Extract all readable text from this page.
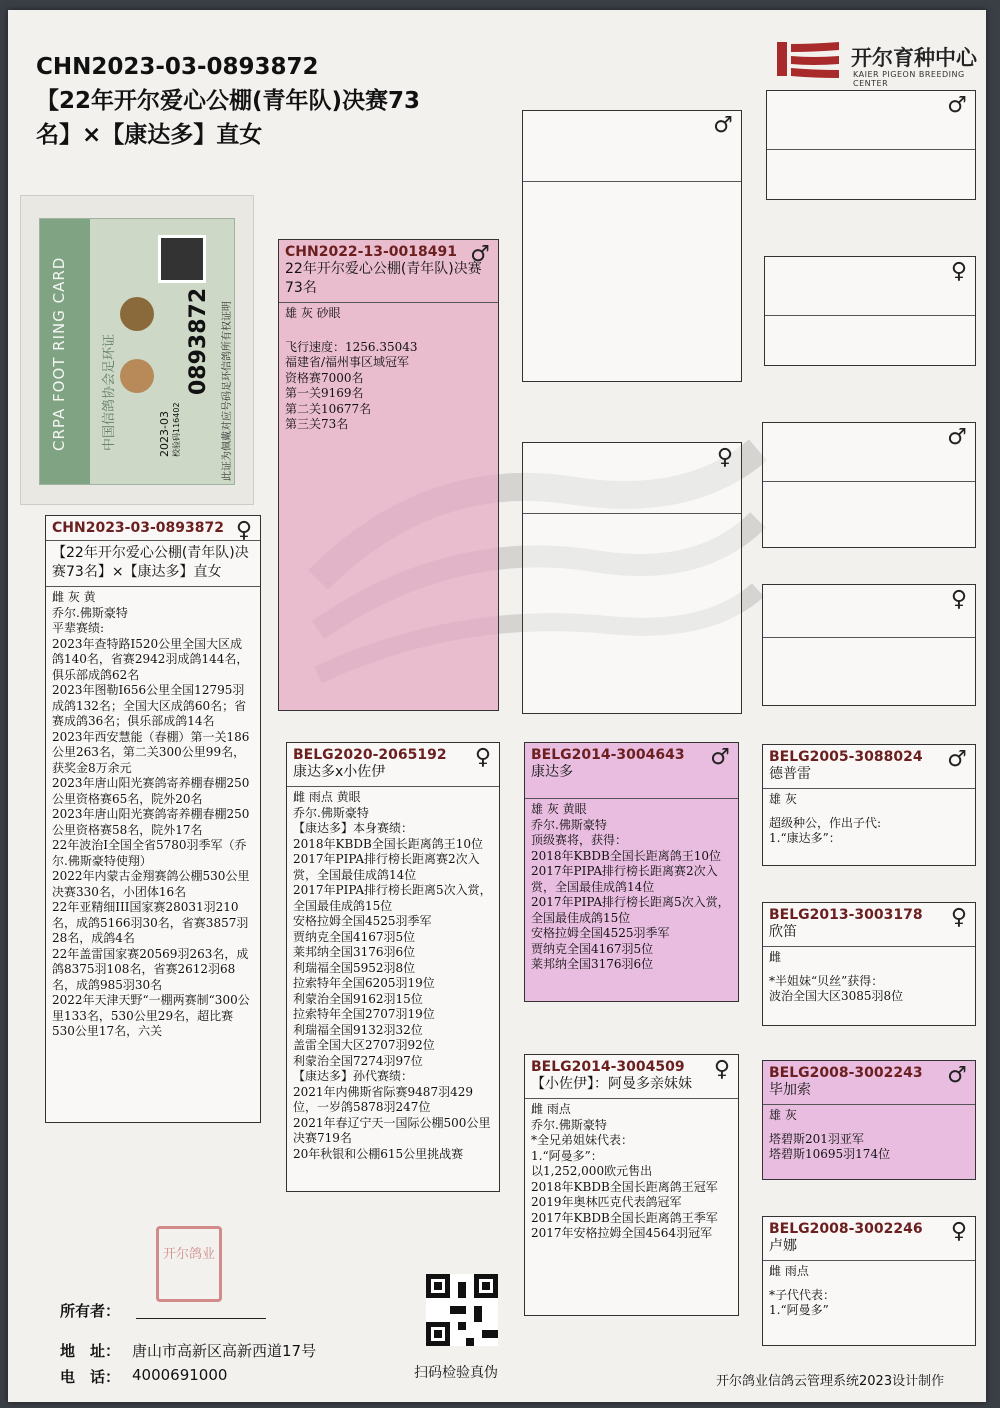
CHN2023-03-0893872
【22年开尔爱心公棚(青年队)决赛73
名】×【康达多】直女
开尔育种中心
KAIER PIGEON BREEDING CENTER
CRPA FOOT RING CARD	中国信鸽协会足环证	0893872
2023-03 校验码116402	此证为佩戴对应号码足环信鸽所有权证明
CHN2023-03-0893872 ♀
【22年开尔爱心公棚(青年队)决赛73名】×【康达多】直女
雌 灰 黄
乔尔.佛斯豪特
平辈赛绩:
2023年查特路I520公里全国大区成鸽140名，省赛2942羽成鸽144名，俱乐部成鸽62名
2023年图勒I656公里全国12795羽成鸽132名；全国大区成鸽60名；省赛成鸽36名；俱乐部成鸽14名
2023年西安慧能（春棚）第一关186公里263名，第二关300公里99名，获奖金8万余元
2023年唐山阳光赛鸽寄养棚春棚250公里资格赛65名，院外20名
2023年唐山阳光赛鸽寄养棚春棚250公里资格赛58名，院外17名
22年波治I全国全省5780羽季军（乔尔.佛斯豪特使翔）
2022年内蒙古金翔赛鸽公棚530公里决赛330名，小团体16名
22年亚精细III国家赛28031羽210名，成鸽5166羽30名，省赛3857羽28名，成鸽4名
22年盖雷国家赛20569羽263名，成鸽8375羽108名，省赛2612羽68名，成鸽985羽30名
2022年天津天野“一棚两赛制“300公里133名，530公里29名，超比赛530公里17名，六关
CHN2022-13-0018491 ♂
22年开尔爱心公棚(青年队)决赛73名
雄 灰 砂眼
飞行速度：1256.35043
福建省/福州事区域冠军
资格赛7000名
第一关9169名
第二关10677名
第三关73名
BELG2020-2065192	♀
康达多x小佐伊
雌 雨点 黄眼
乔尔.佛斯豪特
【康达多】本身赛绩：
2018年KBDB全国长距离鸽王10位
2017年PIPA排行榜长距离赛2次入赏，全国最佳成鸽14位
2017年PIPA排行榜长距离5次入赏，全国最佳成鸽15位
安格拉姆全国4525羽季军
贾纳克全国4167羽5位
莱邦纳全国3176羽6位
利瑞福全国5952羽8位
拉索特年全国6205羽19位
利蒙治全国9162羽15位
拉索特年全国2707羽19位
利瑞福全国9132羽32位
盖雷全国大区2707羽92位
利蒙治全国7274羽97位
【康达多】孙代赛绩：
2021年内佛斯省际赛9487羽429位，一岁鸽5878羽247位
2021年春辽宁天一国际公棚500公里决赛719名
20年秋银和公棚615公里挑战赛
♂
♀
BELG2014-3004643	♂
康达多
雄 灰 黄眼
乔尔.佛斯豪特
顶级赛将，获得：
2018年KBDB全国长距离鸽王10位
2017年PIPA排行榜长距离赛2次入赏，全国最佳成鸽14位
2017年PIPA排行榜长距离5次入赏，全国最佳成鸽15位
安格拉姆全国4525羽季军
贾纳克全国4167羽5位
莱邦纳全国3176羽6位
BELG2014-3004509	♀
【小佐伊】：阿曼多亲妹妹
雌 雨点
乔尔.佛斯豪特
*全兄弟姐妹代表：
1.“阿曼多”：
以1,252,000欧元售出
2018年KBDB全国长距离鸽王冠军
2019年奥林匹克代表鸽冠军
2017年KBDB全国长距离鸽王季军
2017年安格拉姆全国4564羽冠军
♂
♀
♂
♀
BELG2005-3088024	♂
德普雷
雄 灰
超级种公，作出子代:
1.“康达多”：
BELG2013-3003178	♀
欣笛
雌
*半姐妹“贝丝”获得：
波治全国大区3085羽8位
BELG2008-3002243	♂
毕加索
雄 灰
塔碧斯201羽亚军
塔碧斯10695羽174位
BELG2008-3002246	♀
卢娜
雌 雨点
*子代代表：
1.“阿曼多”
开尔鸽业
所有者：
地　址： 唐山市高新区高新西道17号
电　话： 4000691000	扫码检验真伪
开尔鸽业信鸽云管理系统2023设计制作
